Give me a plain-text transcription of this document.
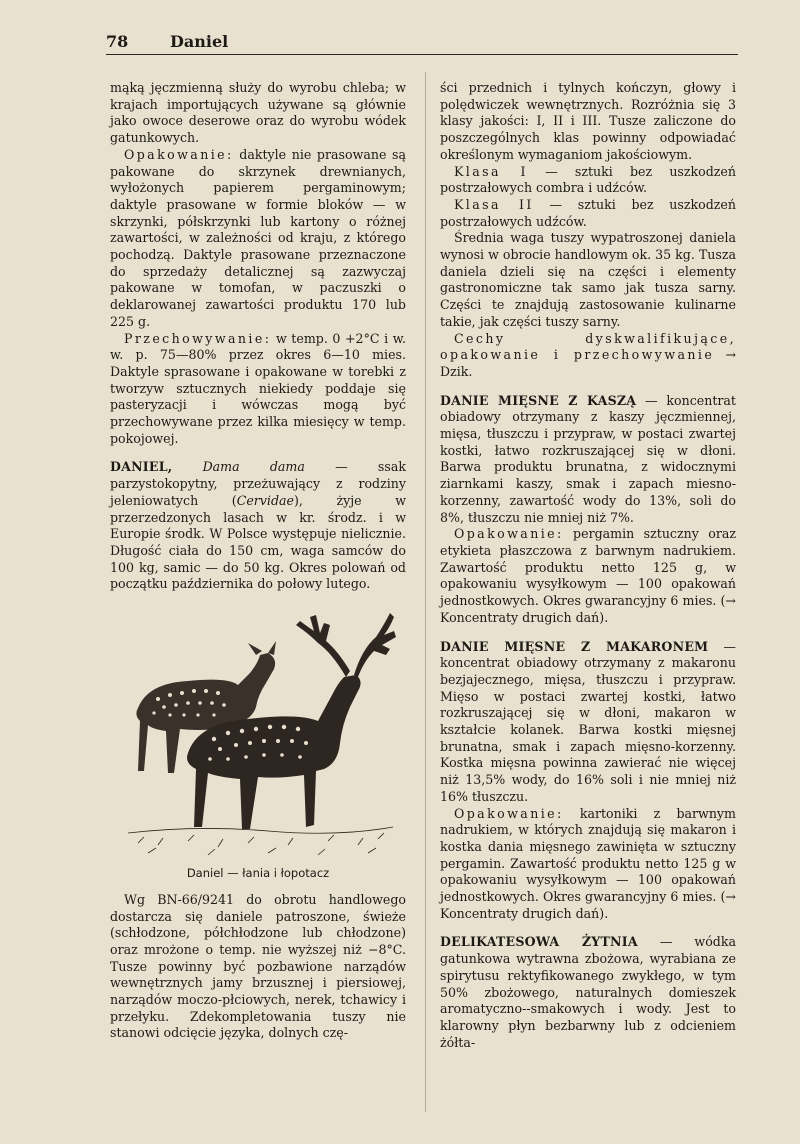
78	Daniel

mąką jęczmienną służy do wyrobu chleba; w krajach importujących używane są głównie jako owoce deserowe oraz do wyrobu wódek gatunkowych.

Opakowanie: daktyle nie prasowane są pakowane do skrzynek drewnianych, wyłożonych papierem pergaminowym; daktyle prasowane w formie bloków — w skrzynki, półskrzynki lub kartony o różnej zawartości, w zależności od kraju, z którego pochodzą. Daktyle prasowane przeznaczone do sprzedaży detalicznej są zazwyczaj pakowane w tomofan, w paczuszki o deklarowanej zawartości produktu 170 lub 225 g.

Przechowywanie: w temp. 0 +2°C i w. w. p. 75—80% przez okres 6—10 mies. Daktyle sprasowane i opakowane w torebki z tworzyw sztucznych niekiedy poddaje się pasteryzacji i wówczas mogą być przechowywane przez kilka miesięcy w temp. pokojowej.

DANIEL, Dama dama — ssak parzystokopytny, przeżuwający z rodziny jeleniowatych (Cervidae), żyje w przerzedzonych lasach w kr. środz. i w Europie środk. W Polsce występuje nielicznie. Długość ciała do 150 cm, waga samców do 100 kg, samic — do 50 kg. Okres polowań od początku października do połowy lutego.

Daniel — łania i łopotacz

Wg BN-66/9241 do obrotu handlowego dostarcza się daniele patroszone, świeże (schłodzone, półchłodzone lub chłodzone) oraz mrożone o temp. nie wyższej niż −8°C. Tusze powinny być pozbawione narządów wewnętrznych jamy brzusznej i piersiowej, narządów moczo-płciowych, nerek, tchawicy i przełyku. Zdekompletowania tuszy nie stanowi odcięcie języka, dolnych czę-

ści przednich i tylnych kończyn, głowy i polędwiczek wewnętrznych. Rozróżnia się 3 klasy jakości: I, II i III. Tusze zaliczone do poszczególnych klas powinny odpowiadać określonym wymaganiom jakościowym.

Klasa I — sztuki bez uszkodzeń postrzałowych combra i udźców.

Klasa II — sztuki bez uszkodzeń postrzałowych udźców.

Średnia waga tuszy wypatroszonej daniela wynosi w obrocie handlowym ok. 35 kg. Tusza daniela dzieli się na części i elementy gastronomiczne tak samo jak tusza sarny. Części te znajdują zastosowanie kulinarne takie, jak części tuszy sarny.

Cechy dyskwalifikujące, opakowanie i przechowywanie → Dzik.

DANIE MIĘSNE Z KASZĄ — koncentrat obiadowy otrzymany z kaszy jęczmiennej, mięsa, tłuszczu i przypraw, w postaci zwartej kostki, łatwo rozkruszającej się w dłoni. Barwa produktu brunatna, z widocznymi ziarnkami kaszy, smak i zapach miesno-korzenny, zawartość wody do 13%, soli do 8%, tłuszczu nie mniej niż 7%.

Opakowanie: pergamin sztuczny oraz etykieta płaszczowa z barwnym nadrukiem. Zawartość produktu netto 125 g, w opakowaniu wysyłkowym — 100 opakowań jednostkowych. Okres gwarancyjny 6 mies. (→ Koncentraty drugich dań).

DANIE MIĘSNE Z MAKARONEM — koncentrat obiadowy otrzymany z makaronu bezjajecznego, mięsa, tłuszczu i przypraw. Mięso w postaci zwartej kostki, łatwo rozkruszającej się w dłoni, makaron w kształcie kolanek. Barwa kostki mięsnej brunatna, smak i zapach mięsno-korzenny. Kostka mięsna powinna zawierać nie więcej niż 13,5% wody, do 16% soli i nie mniej niż 16% tłuszczu.

Opakowanie: kartoniki z barwnym nadrukiem, w których znajdują się makaron i kostka dania mięsnego zawinięta w sztuczny pergamin. Zawartość produktu netto 125 g w opakowaniu wysyłkowym — 100 opakowań jednostkowych. Okres gwarancyjny 6 mies. (→ Koncentraty drugich dań).

DELIKATESOWA ŻYTNIA — wódka gatunkowa wytrawna zbożowa, wyrabiana ze spirytusu rektyfikowanego zwykłego, w tym 50% zbożowego, naturalnych domieszek aromatyczno--smakowych i wody. Jest to klarowny płyn bezbarwny lub z odcieniem żółta-
